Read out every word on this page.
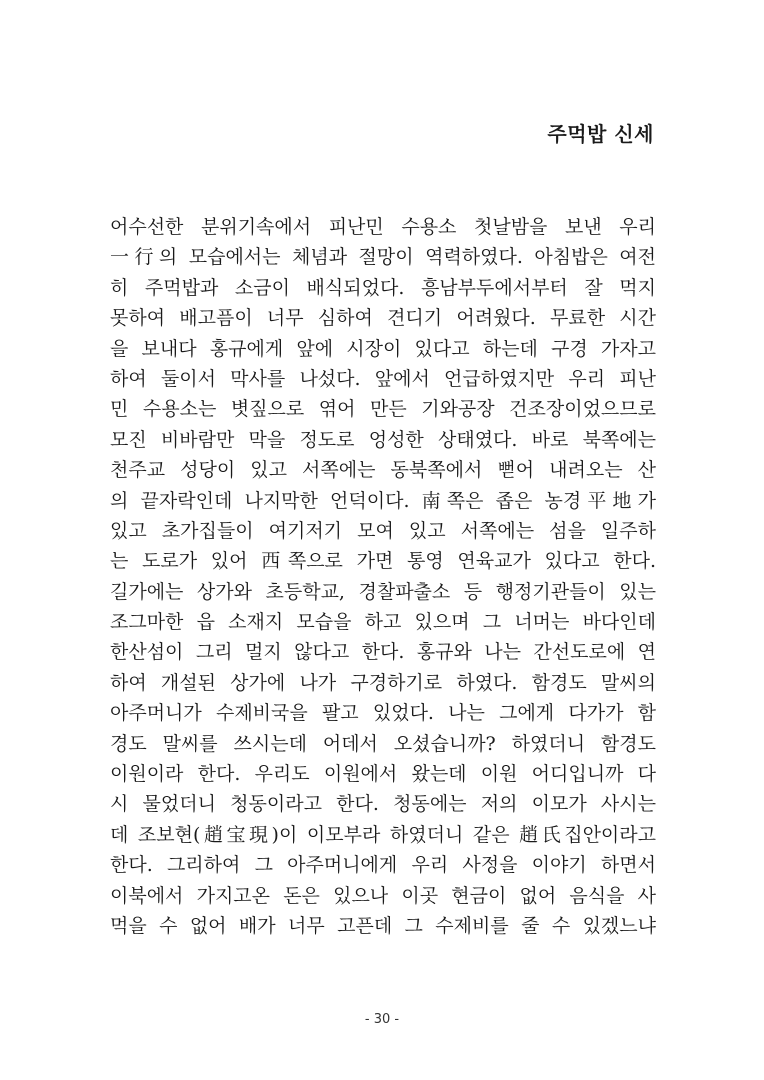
주먹밥 신세
어수선한 분위기속에서 피난민 수용소 첫날밤을 보낸 우리
一行의 모습에서는 체념과 절망이 역력하였다. 아침밥은 여전
히 주먹밥과 소금이 배식되었다. 흥남부두에서부터 잘 먹지
못하여 배고픔이 너무 심하여 견디기 어려웠다. 무료한 시간
을 보내다 홍규에게 앞에 시장이 있다고 하는데 구경 가자고
하여 둘이서 막사를 나섰다. 앞에서 언급하였지만 우리 피난
민 수용소는 볏짚으로 엮어 만든 기와공장 건조장이었으므로
모진 비바람만 막을 정도로 엉성한 상태였다. 바로 북쪽에는
천주교 성당이 있고 서쪽에는 동북쪽에서 뻗어 내려오는 산
의 끝자락인데 나지막한 언덕이다. 南쪽은 좁은 농경平地가
있고 초가집들이 여기저기 모여 있고 서쪽에는 섬을 일주하
는 도로가 있어 西쪽으로 가면 통영 연육교가 있다고 한다.
길가에는 상가와 초등학교, 경찰파출소 등 행정기관들이 있는
조그마한 읍 소재지 모습을 하고 있으며 그 너머는 바다인데
한산섬이 그리 멀지 않다고 한다. 홍규와 나는 간선도로에 연
하여 개설된 상가에 나가 구경하기로 하였다. 함경도 말씨의
아주머니가 수제비국을 팔고 있었다. 나는 그에게 다가가 함
경도 말씨를 쓰시는데 어데서 오셨습니까? 하였더니 함경도
이원이라 한다. 우리도 이원에서 왔는데 이원 어디입니까 다
시 물었더니 청동이라고 한다. 청동에는 저의 이모가 사시는
데 조보현(趙宝現)이 이모부라 하였더니 같은 趙氏집안이라고
한다. 그리하여 그 아주머니에게 우리 사정을 이야기 하면서
이북에서 가지고온 돈은 있으나 이곳 현금이 없어 음식을 사
먹을 수 없어 배가 너무 고픈데 그 수제비를 줄 수 있겠느냐
- 30 -
